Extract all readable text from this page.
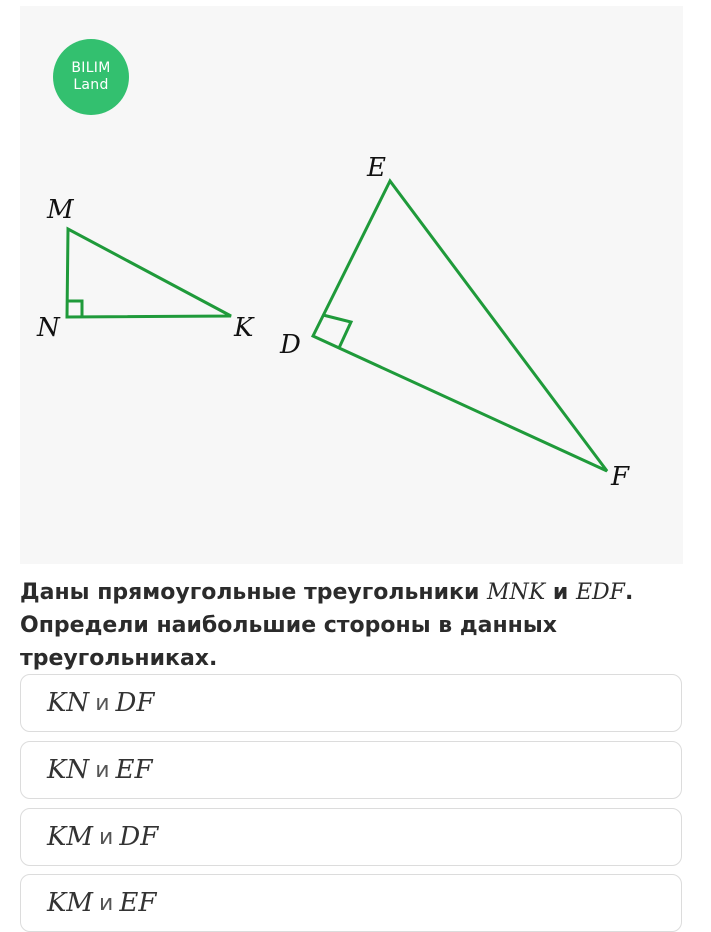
BILIM
Land
M
N	K
E
D
F
Даны прямоугольные треугольники MNK и EDF. Определи наибольшие стороны в данных треугольниках.
KN и DF
KN и EF
KM и DF
KM и EF
